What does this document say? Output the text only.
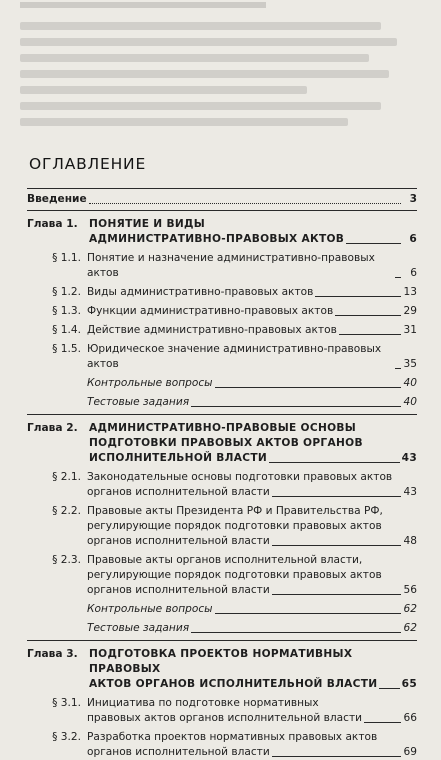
ОГЛАВЛЕНИЕ
Введение	3
Глава 1.	ПОНЯТИЕ И ВИДЫ
АДМИНИСТРАТИВНО-ПРАВОВЫХ АКТОВ	6
§ 1.1. Понятие и назначение административно-правовых актов	6
§ 1.2. Виды административно-правовых актов	13
§ 1.3. Функции административно-правовых актов	29
§ 1.4. Действие административно-правовых актов	31
§ 1.5. Юридическое значение административно-правовых актов	35
Контрольные вопросы	40
Тестовые задания	40
Глава 2.	АДМИНИСТРАТИВНО-ПРАВОВЫЕ ОСНОВЫ
ПОДГОТОВКИ ПРАВОВЫХ АКТОВ ОРГАНОВ
ИСПОЛНИТЕЛЬНОЙ ВЛАСТИ	43
§ 2.1. Законодательные основы подготовки правовых актов
органов исполнительной власти	43
§ 2.2. Правовые акты Президента РФ и Правительства РФ,
регулирующие порядок подготовки правовых актов
органов исполнительной власти	48
§ 2.3. Правовые акты органов исполнительной власти,
регулирующие порядок подготовки правовых актов
органов исполнительной власти	56
Контрольные вопросы	62
Тестовые задания	62
Глава 3.	ПОДГОТОВКА ПРОЕКТОВ НОРМАТИВНЫХ ПРАВОВЫХ
АКТОВ ОРГАНОВ ИСПОЛНИТЕЛЬНОЙ ВЛАСТИ 65
§ 3.1. Инициатива по подготовке нормативных
правовых актов органов исполнительной власти	66
§ 3.2. Разработка проектов нормативных правовых актов
органов исполнительной власти	69
